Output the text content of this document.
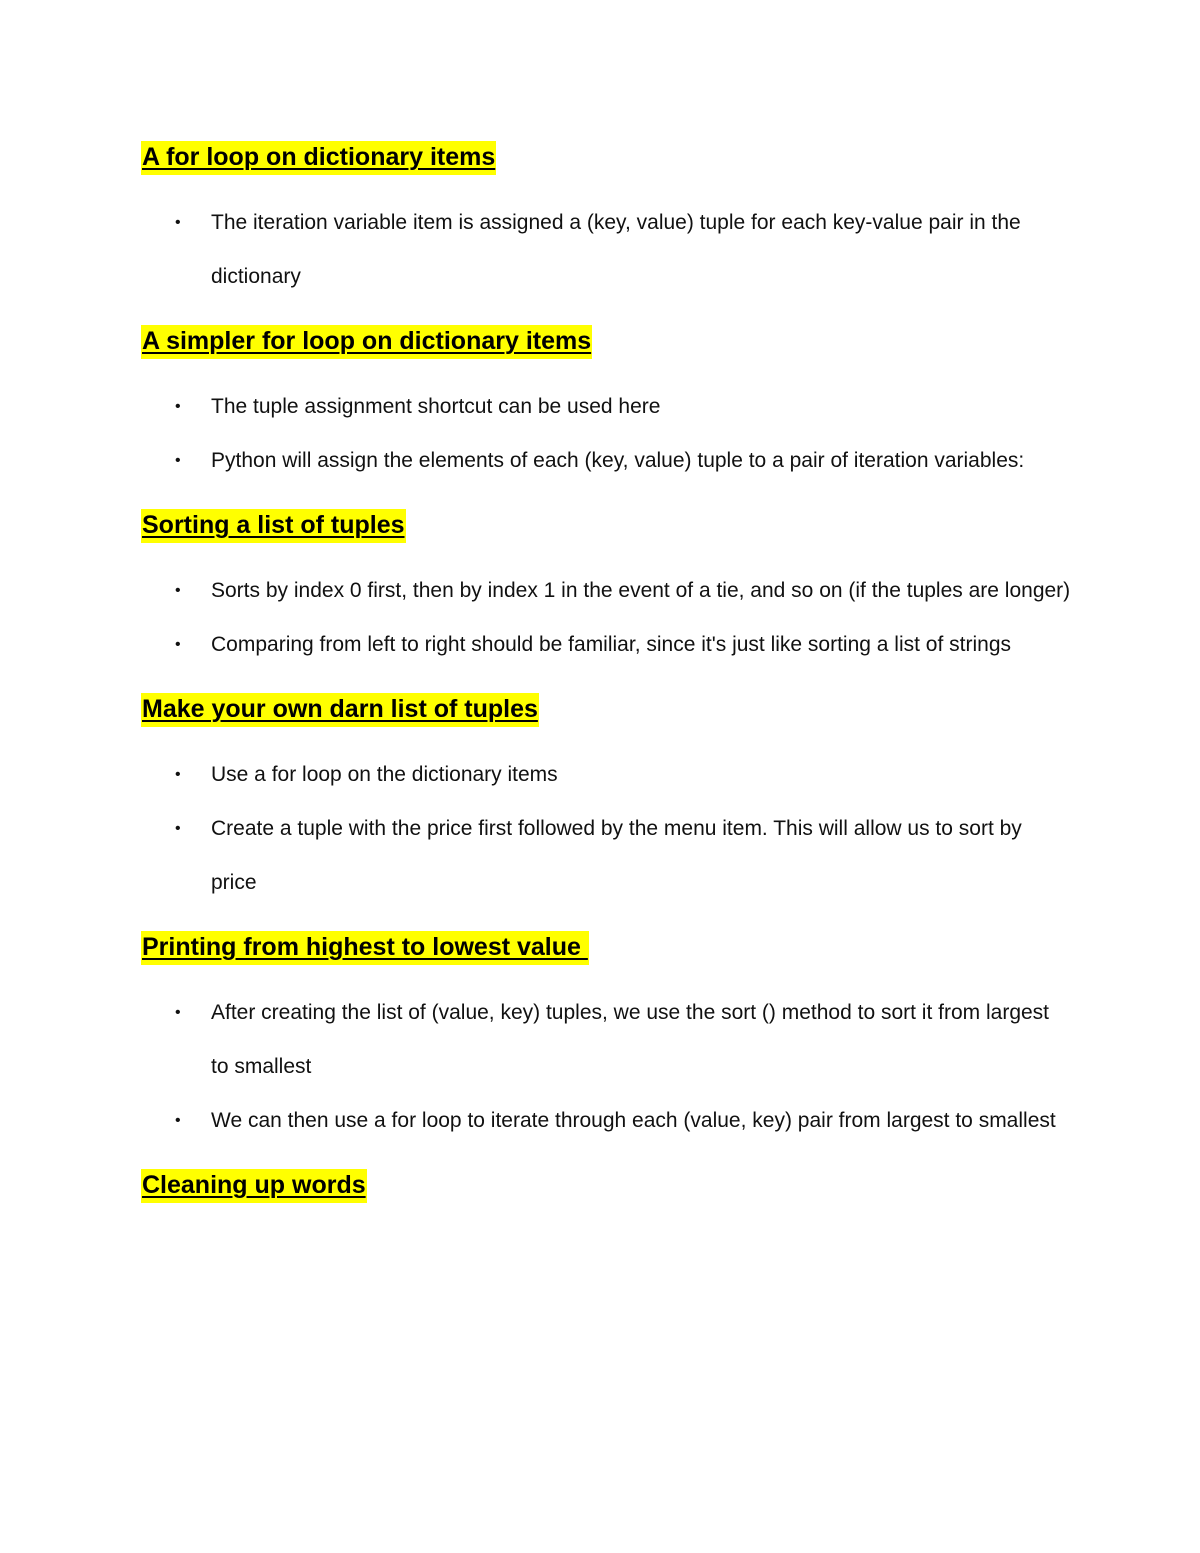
A for loop on dictionary items
• The iteration variable item is assigned a (key, value) tuple for each key-value pair in the dictionary
A simpler for loop on dictionary items
• The tuple assignment shortcut can be used here
• Python will assign the elements of each (key, value) tuple to a pair of iteration variables:
Sorting a list of tuples
• Sorts by index 0 first, then by index 1 in the event of a tie, and so on (if the tuples are longer)
• Comparing from left to right should be familiar, since it's just like sorting a list of strings
Make your own darn list of tuples
• Use a for loop on the dictionary items
• Create a tuple with the price first followed by the menu item. This will allow us to sort by price
Printing from highest to lowest value
• After creating the list of (value, key) tuples, we use the sort () method to sort it from largest to smallest
• We can then use a for loop to iterate through each (value, key) pair from largest to smallest
Cleaning up words
